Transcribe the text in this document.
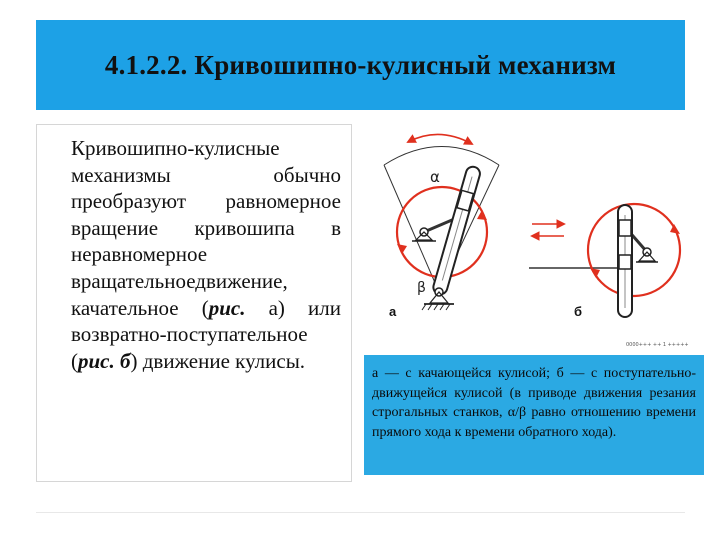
4.1.2.2. Кривошипно-кулисный механизм

Кривошипно-кулисные механизмы обычно преобразуют равномерное вращение кривошипа в неравномерное вращательноедвижение, качательное (рис. а) или возвратно-поступательное (рис. б) движение кулисы.

α
β
а	б
0000+++ ++ 1 +++++

а — с качающейся кулисой; б — с поступательно-движущейся кулисой (в приводе движения резания строгальных станков, α/β равно отношению времени прямого хода к времени обратного хода).
